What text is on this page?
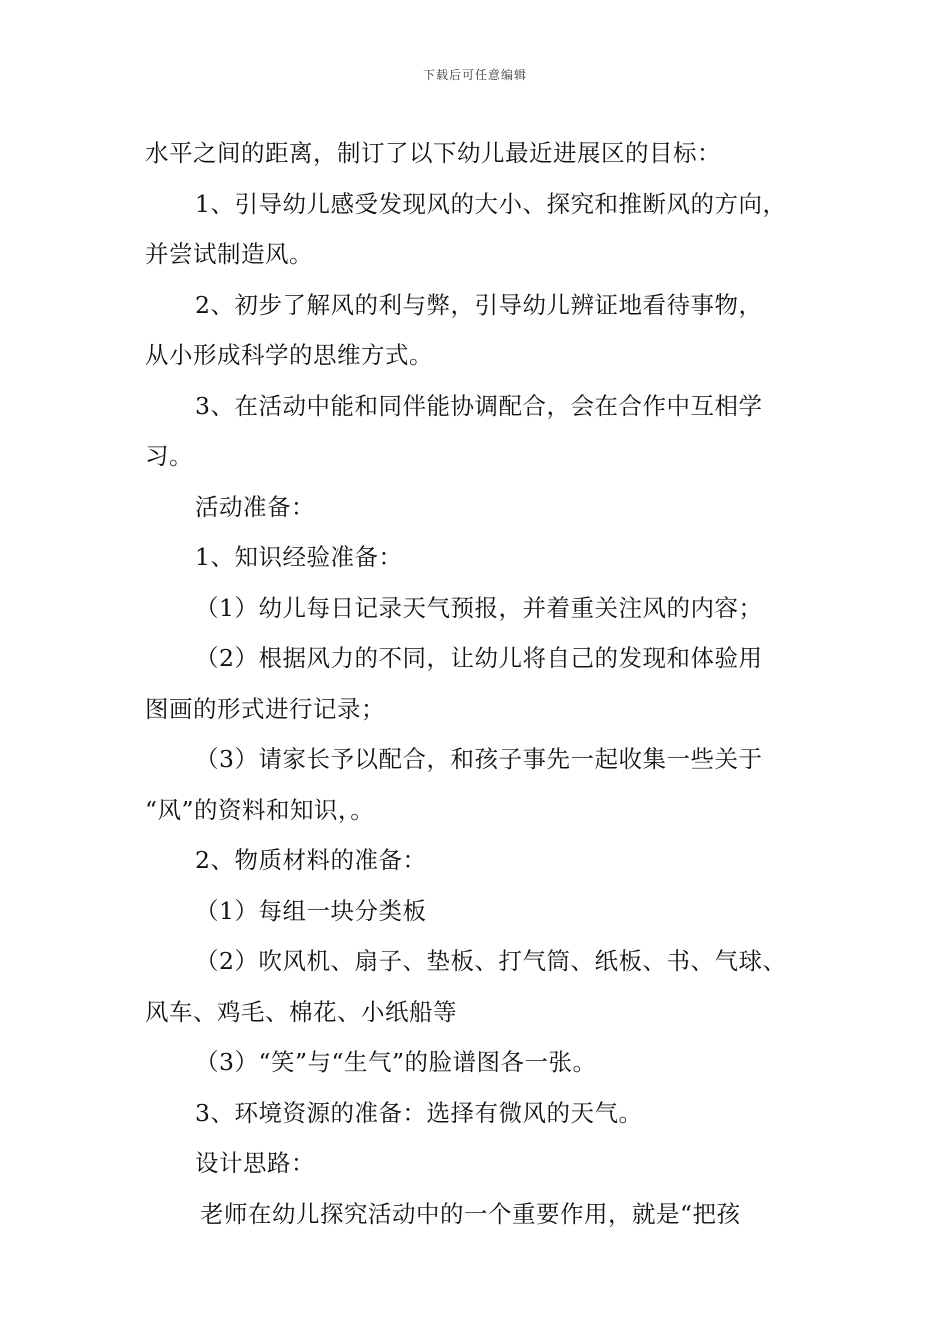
下载后可任意编辑
水平之间的距离，制订了以下幼儿最近进展区的目标：
1、引导幼儿感受发现风的大小、探究和推断风的方向，
并尝试制造风。
2、初步了解风的利与弊，引导幼儿辨证地看待事物，
从小形成科学的思维方式。
3、在活动中能和同伴能协调配合，会在合作中互相学
习。
活动准备：
1、知识经验准备：
（1）幼儿每日记录天气预报，并着重关注风的内容；
（2）根据风力的不同，让幼儿将自己的发现和体验用
图画的形式进行记录；
（3）请家长予以配合，和孩子事先一起收集一些关于
“风”的资料和知识，。
2、物质材料的准备：
（1）每组一块分类板
（2）吹风机、扇子、垫板、打气筒、纸板、书、气球、
风车、鸡毛、棉花、小纸船等
（3）“笑”与“生气”的脸谱图各一张。
3、环境资源的准备：选择有微风的天气。
设计思路：
老师在幼儿探究活动中的一个重要作用，就是“把孩
